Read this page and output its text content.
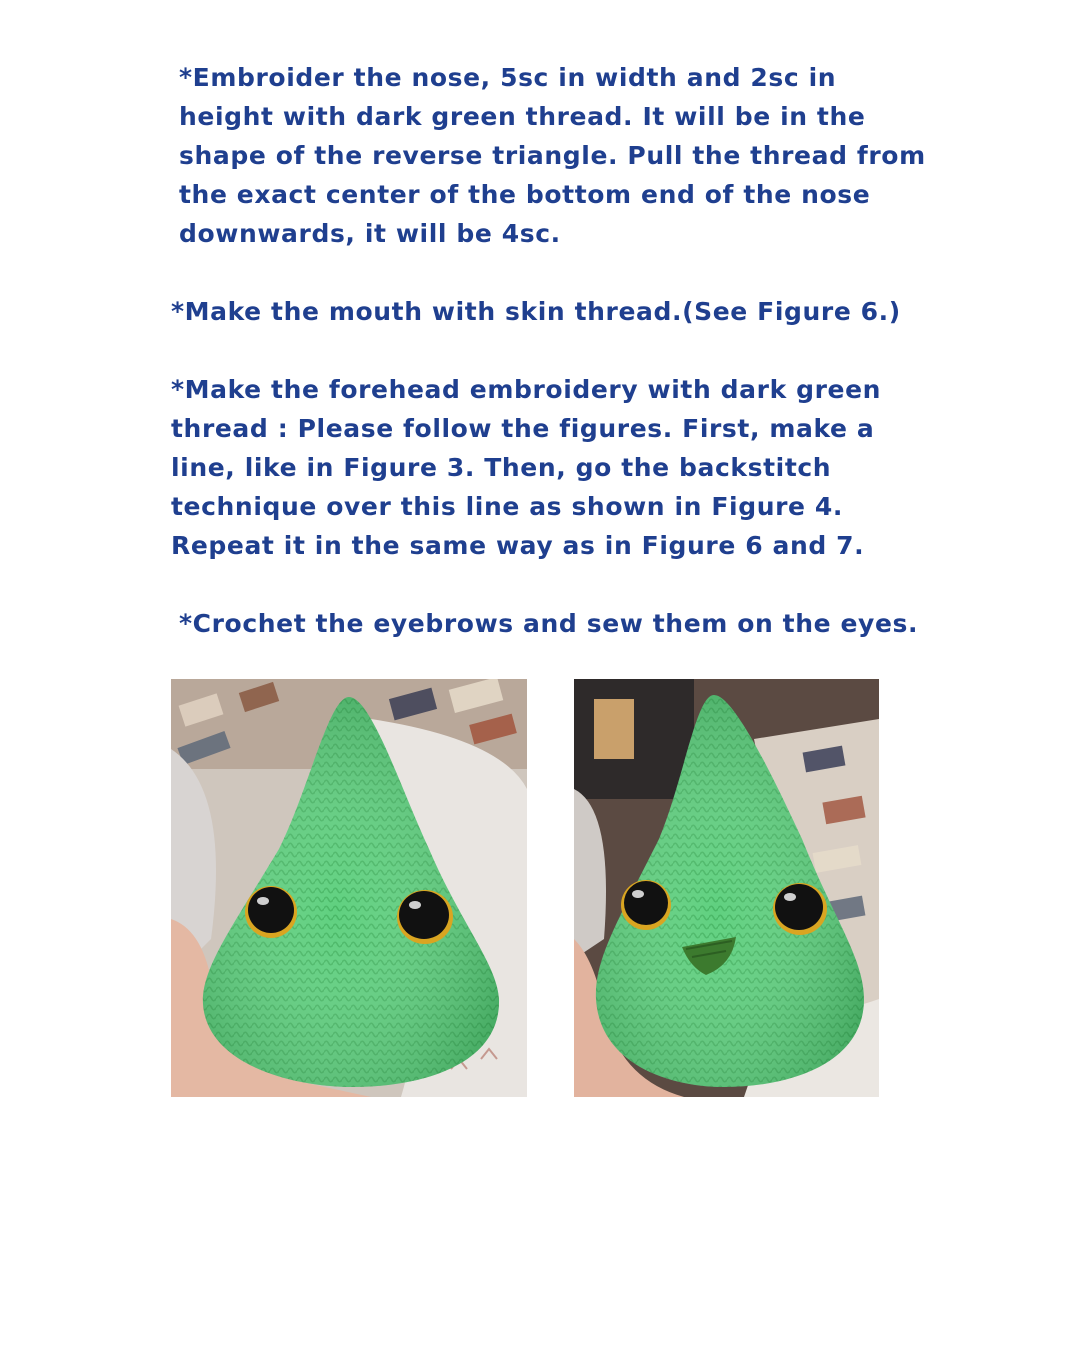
*Embroider the nose, 5sc in width and 2sc in height with dark green thread. It will be in the shape of the reverse triangle. Pull the thread from the exact center of the bottom end of the nose downwards, it will be 4sc.

*Make the mouth with skin thread.(See Figure 6.)

*Make the forehead embroidery with dark green thread : Please follow the figures. First, make a line, like in Figure 3. Then, go the backstitch technique over this line as shown in Figure 4. Repeat it in the same way as in Figure 6 and 7.

*Crochet the eyebrows and sew them on the eyes.
